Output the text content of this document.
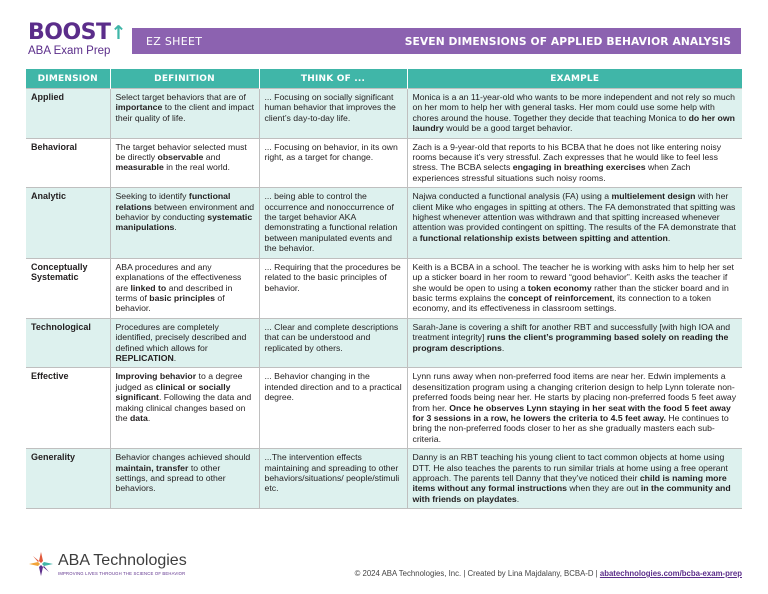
BOOST↑
ABA Exam Prep
EZ SHEET	SEVEN DIMENSIONS OF APPLIED BEHAVIOR ANALYSIS
DIMENSION	DEFINITION	THINK OF ...	EXAMPLE
Applied	Select target behaviors that are of importance to the client and impact their quality of life.	... Focusing on socially significant human behavior that improves the client’s day-to-day life.	Monica is a an 11-year-old who wants to be more independent and not rely so much on her mom to help her with general tasks. Her mom could use some help with chores around the house. Together they decide that teaching Monica to do her own laundry would be a good target behavior.
Behavioral	The target behavior selected must be directly observable and measurable in the real world.	... Focusing on behavior, in its own right, as a target for change.	Zach is a 9-year-old that reports to his BCBA that he does not like entering noisy rooms because it’s very stressful. Zach expresses that he would like to feel less stress. The BCBA selects engaging in breathing exercises when Zach experiences stressful situations such noisy rooms.
Analytic	Seeking to identify functional relations between environment and behavior by conducting systematic manipulations.	... being able to control the occurrence and nonoccurrence of the target behavior AKA demonstrating a functional relation between manipulated events and the behavior.	Najwa conducted a functional analysis (FA) using a multielement design with her client Mike who engages in spitting at others. The FA demonstrated that spitting was highest whenever attention was withdrawn and that spitting increased whenever attention was provided contingent on spitting. The results of the FA demonstrate that a functional relationship exists between spitting and attention.
Conceptually Systematic	ABA procedures and any explanations of the effectiveness are linked to and described in terms of basic principles of behavior.	... Requiring that the procedures be related to the basic principles of behavior.	Keith is a BCBA in a school. The teacher he is working with asks him to help her set up a sticker board in her room to reward “good behavior”. Keith asks the teacher if she would be open to using a token economy rather than the sticker board and in basic terms explains the concept of reinforcement, its connection to a token economy, and its effectiveness in classroom settings.
Technological	Procedures are completely identified, precisely described and defined which allows for REPLICATION.	... Clear and complete descriptions that can be understood and replicated by others.	Sarah-Jane is covering a shift for another RBT and successfully [with high IOA and treatment integrity] runs the client’s programming based solely on reading the program descriptions.
Effective	Improving behavior to a degree judged as clinical or socially significant. Following the data and making clinical changes based on the data.	... Behavior changing in the intended direction and to a practical degree.	Lynn runs away when non-preferred food items are near her. Edwin implements a desensitization program using a changing criterion design to help Lynn tolerate non-preferred foods being near her. He starts by placing non-preferred foods 5 feet away from her. Once he observes Lynn staying in her seat with the food 5 feet away for 3 sessions in a row, he lowers the criteria to 4.5 feet away. He continues to bring the non-preferred foods closer to her as she gradually masters each sub-criteria.
Generality	Behavior changes achieved should maintain, transfer to other settings, and spread to other behaviors.	...The intervention effects maintaining and spreading to other behaviors/situations/ people/stimuli etc.	Danny is an RBT teaching his young client to tact common objects at home using DTT. He also teaches the parents to run similar trials at home using a free operant approach. The parents tell Danny that they’ve noticed their child is naming more items without any formal instructions when they are out in the community and with friends on playdates.
ABA Technologies
IMPROVING LIVES THROUGH THE SCIENCE OF BEHAVIOR	© 2024 ABA Technologies, Inc. | Created by Lina Majdalany, BCBA-D | abatechnologies.com/bcba-exam-prep
